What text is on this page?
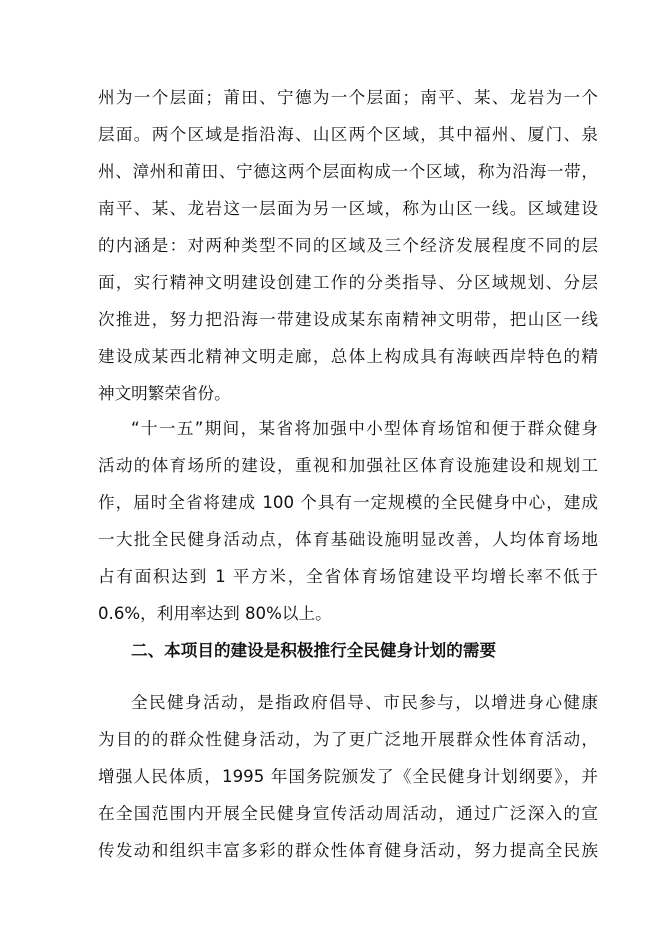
州为一个层面；莆田、宁德为一个层面；南平、某、龙岩为一个
层面。两个区域是指沿海、山区两个区域，其中福州、厦门、泉
州、漳州和莆田、宁德这两个层面构成一个区域，称为沿海一带，
南平、某、龙岩这一层面为另一区域，称为山区一线。区域建设
的内涵是：对两种类型不同的区域及三个经济发展程度不同的层
面，实行精神文明建设创建工作的分类指导、分区域规划、分层
次推进，努力把沿海一带建设成某东南精神文明带，把山区一线
建设成某西北精神文明走廊，总体上构成具有海峡西岸特色的精
神文明繁荣省份。
“十一五”期间，某省将加强中小型体育场馆和便于群众健身
活动的体育场所的建设，重视和加强社区体育设施建设和规划工
作，届时全省将建成 100 个具有一定规模的全民健身中心，建成
一大批全民健身活动点，体育基础设施明显改善，人均体育场地
占有面积达到 1 平方米，全省体育场馆建设平均增长率不低于
0.6%，利用率达到 80%以上。
二、本项目的建设是积极推行全民健身计划的需要
全民健身活动，是指政府倡导、市民参与，以增进身心健康
为目的的群众性健身活动，为了更广泛地开展群众性体育活动，
增强人民体质，1995 年国务院颁发了《全民健身计划纲要》，并
在全国范围内开展全民健身宣传活动周活动，通过广泛深入的宣
传发动和组织丰富多彩的群众性体育健身活动，努力提高全民族
